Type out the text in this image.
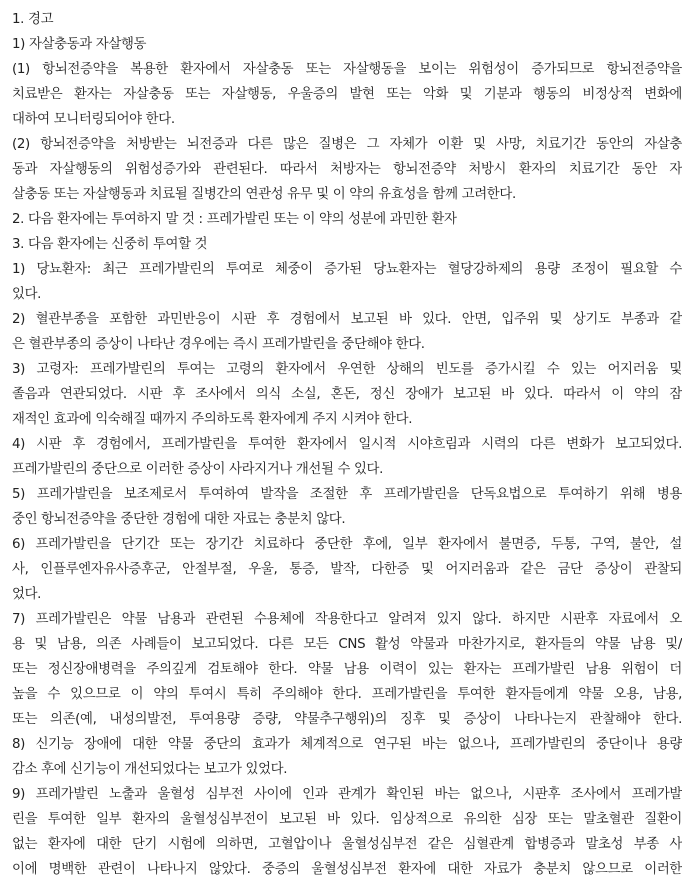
1. 경고
1) 자살충동과 자살행동
(1) 항뇌전증약을 복용한 환자에서 자살충동 또는 자살행동을 보이는 위험성이 증가되므로 항뇌전증약을
치료받은 환자는 자살충동 또는 자살행동, 우울증의 발현 또는 악화 및 기분과 행동의 비정상적 변화에
대하여 모니터링되어야 한다.
(2) 항뇌전증약을 처방받는 뇌전증과 다른 많은 질병은 그 자체가 이환 및 사망, 치료기간 동안의 자살충
동과 자살행동의 위험성증가와 관련된다. 따라서 처방자는 항뇌전증약 처방시 환자의 치료기간 동안 자
살충동 또는 자살행동과 치료될 질병간의 연관성 유무 및 이 약의 유효성을 함께 고려한다.
2. 다음 환자에는 투여하지 말 것 : 프레가발린 또는 이 약의 성분에 과민한 환자
3. 다음 환자에는 신중히 투여할 것
1) 당뇨환자: 최근 프레가발린의 투여로 체중이 증가된 당뇨환자는 혈당강하제의 용량 조정이 필요할 수
있다.
2) 혈관부종을 포함한 과민반응이 시판 후 경험에서 보고된 바 있다. 안면, 입주위 및 상기도 부종과 같
은 혈관부종의 증상이 나타난 경우에는 즉시 프레가발린을 중단해야 한다.
3) 고령자: 프레가발린의 투여는 고령의 환자에서 우연한 상해의 빈도를 증가시킬 수 있는 어지러움 및
졸음과 연관되었다. 시판 후 조사에서 의식 소실, 혼돈, 정신 장애가 보고된 바 있다. 따라서 이 약의 잠
재적인 효과에 익숙해질 때까지 주의하도록 환자에게 주지 시켜야 한다.
4) 시판 후 경험에서, 프레가발린을 투여한 환자에서 일시적 시야흐림과 시력의 다른 변화가 보고되었다.
프레가발린의 중단으로 이러한 증상이 사라지거나 개선될 수 있다.
5) 프레가발린을 보조제로서 투여하여 발작을 조절한 후 프레가발린을 단독요법으로 투여하기 위해 병용
중인 항뇌전증약을 중단한 경험에 대한 자료는 충분치 않다.
6) 프레가발린을 단기간 또는 장기간 치료하다 중단한 후에, 일부 환자에서 불면증, 두통, 구역, 불안, 설
사, 인플루엔자유사증후군, 안절부절, 우울, 통증, 발작, 다한증 및 어지러움과 같은 금단 증상이 관찰되
었다.
7) 프레가발린은 약물 남용과 관련된 수용체에 작용한다고 알려져 있지 않다. 하지만 시판후 자료에서 오
용 및 남용, 의존 사례들이 보고되었다. 다른 모든 CNS 활성 약물과 마찬가지로, 환자들의 약물 남용 및/
또는 정신장애병력을 주의깊게 검토해야 한다. 약물 남용 이력이 있는 환자는 프레가발린 남용 위험이 더
높을 수 있으므로 이 약의 투여시 특히 주의해야 한다. 프레가발린을 투여한 환자들에게 약물 오용, 남용,
또는 의존(예, 내성의발전, 투여용량 증량, 약물추구행위)의 징후 및 증상이 나타나는지 관찰해야 한다.
8) 신기능 장애에 대한 약물 중단의 효과가 체계적으로 연구된 바는 없으나, 프레가발린의 중단이나 용량
감소 후에 신기능이 개선되었다는 보고가 있었다.
9) 프레가발린 노출과 울혈성 심부전 사이에 인과 관계가 확인된 바는 없으나, 시판후 조사에서 프레가발
린을 투여한 일부 환자의 울혈성심부전이 보고된 바 있다. 임상적으로 유의한 심장 또는 말초혈관 질환이
없는 환자에 대한 단기 시험에 의하면, 고혈압이나 울혈성심부전 같은 심혈관계 합병증과 말초성 부종 사
이에 명백한 관련이 나타나지 않았다. 중증의 울혈성심부전 환자에 대한 자료가 충분치 않으므로 이러한
